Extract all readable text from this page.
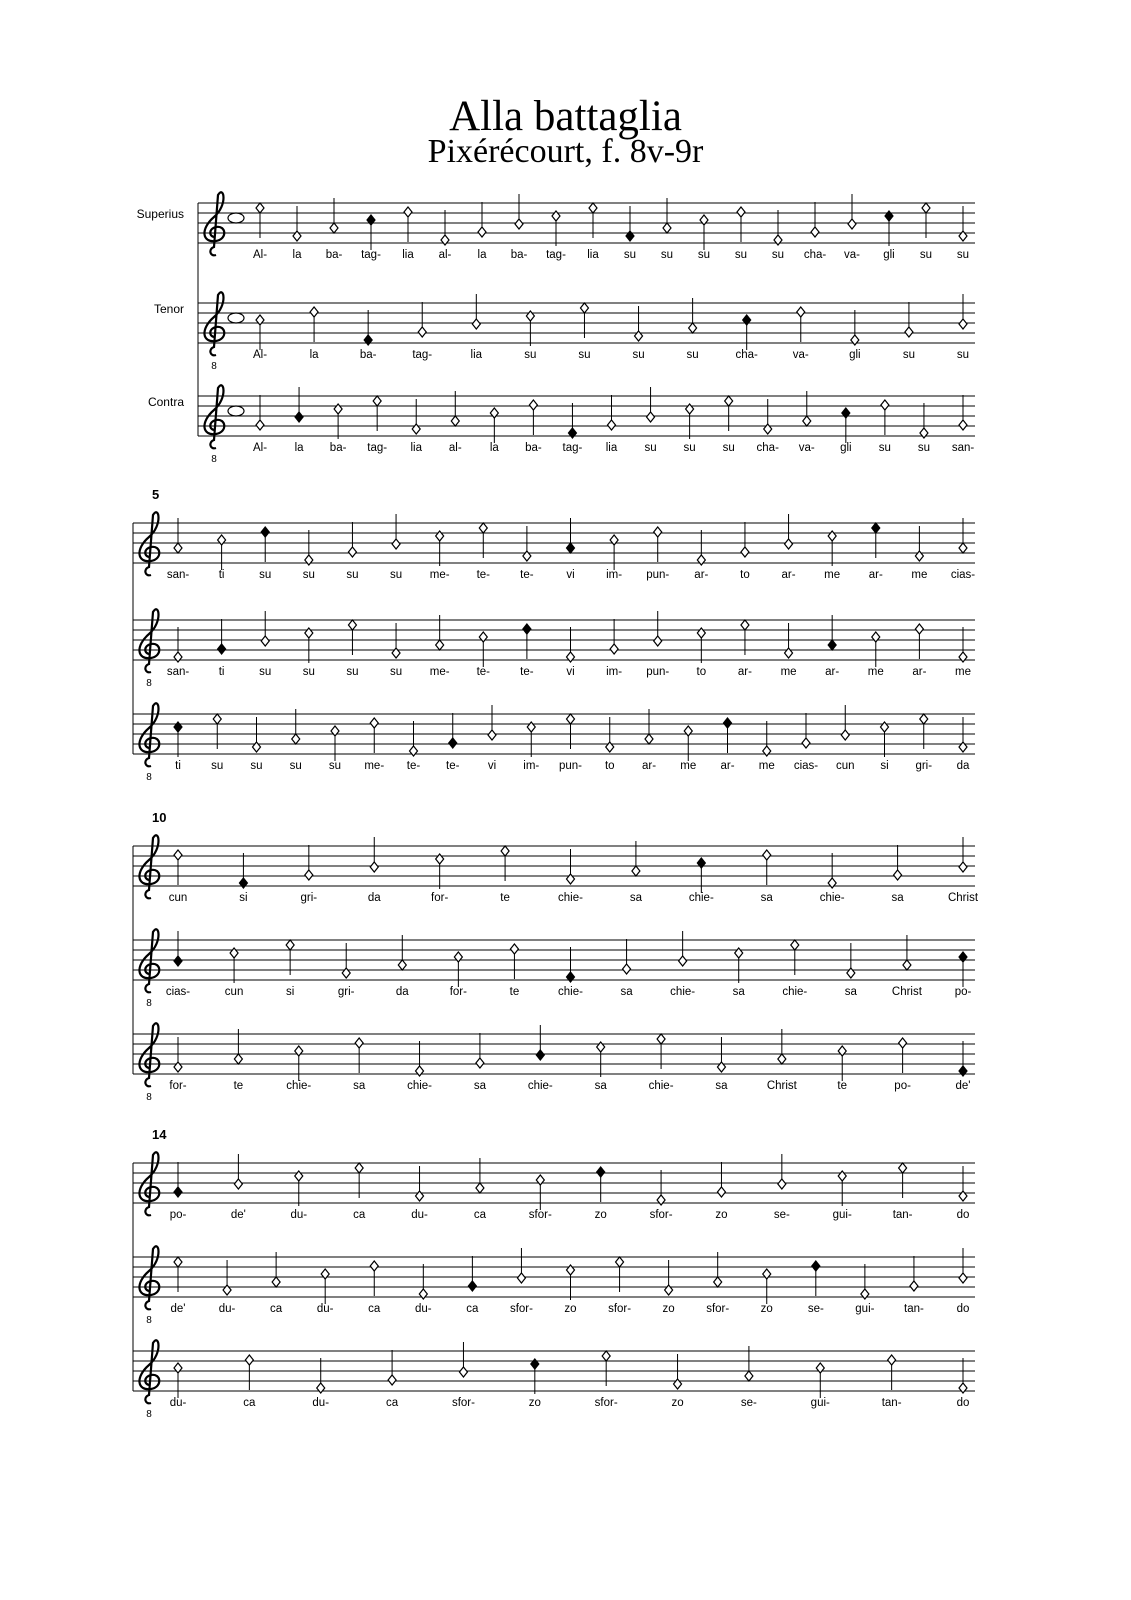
Alla battaglia
Pixérécourt, f. 8v-9r
Superius
Al- la ba- tag- lia al- la ba- tag- lia su su su su su cha- va- gli su su
8
Tenor
Al-	la	ba-	tag-	lia	su	su	su	su	cha-	va-	gli	su	su
8
Contra
Al- la ba- tag- lia al- la ba- tag- lia su su su cha- va- gli su su san-
5
san-	ti	su	su	su	su me- te-	te-	vi	im- pun- ar-	to	ar- me ar- me cias-
8
san-	ti	su	su	su	su me- te-	te-	vi	im- pun- to	ar- me ar- me ar- me
8
ti	su su su su me- te- te- vi im- pun- to ar- me ar- me cias- cun si gri- da
10
cun	si	gri-	da	for-	te	chie-	sa	chie-	sa	chie-	sa	Christ
8
cias-	cun	si	gri-	da	for-	te	chie-	sa	chie-	sa	chie-	sa	Christ	po-
8
for-	te	chie-	sa	chie-	sa	chie-	sa	chie-	sa	Christ	te	po-	de'
14
po-	de'	du-	ca	du-	ca	sfor-	zo	sfor-	zo	se-	gui-	tan-	do
8
de'	du-	ca	du-	ca	du-	ca	sfor-	zo	sfor-	zo	sfor-	zo	se-	gui-	tan-	do
8
du-	ca	du-	ca	sfor-	zo	sfor-	zo	se-	gui-	tan-	do
